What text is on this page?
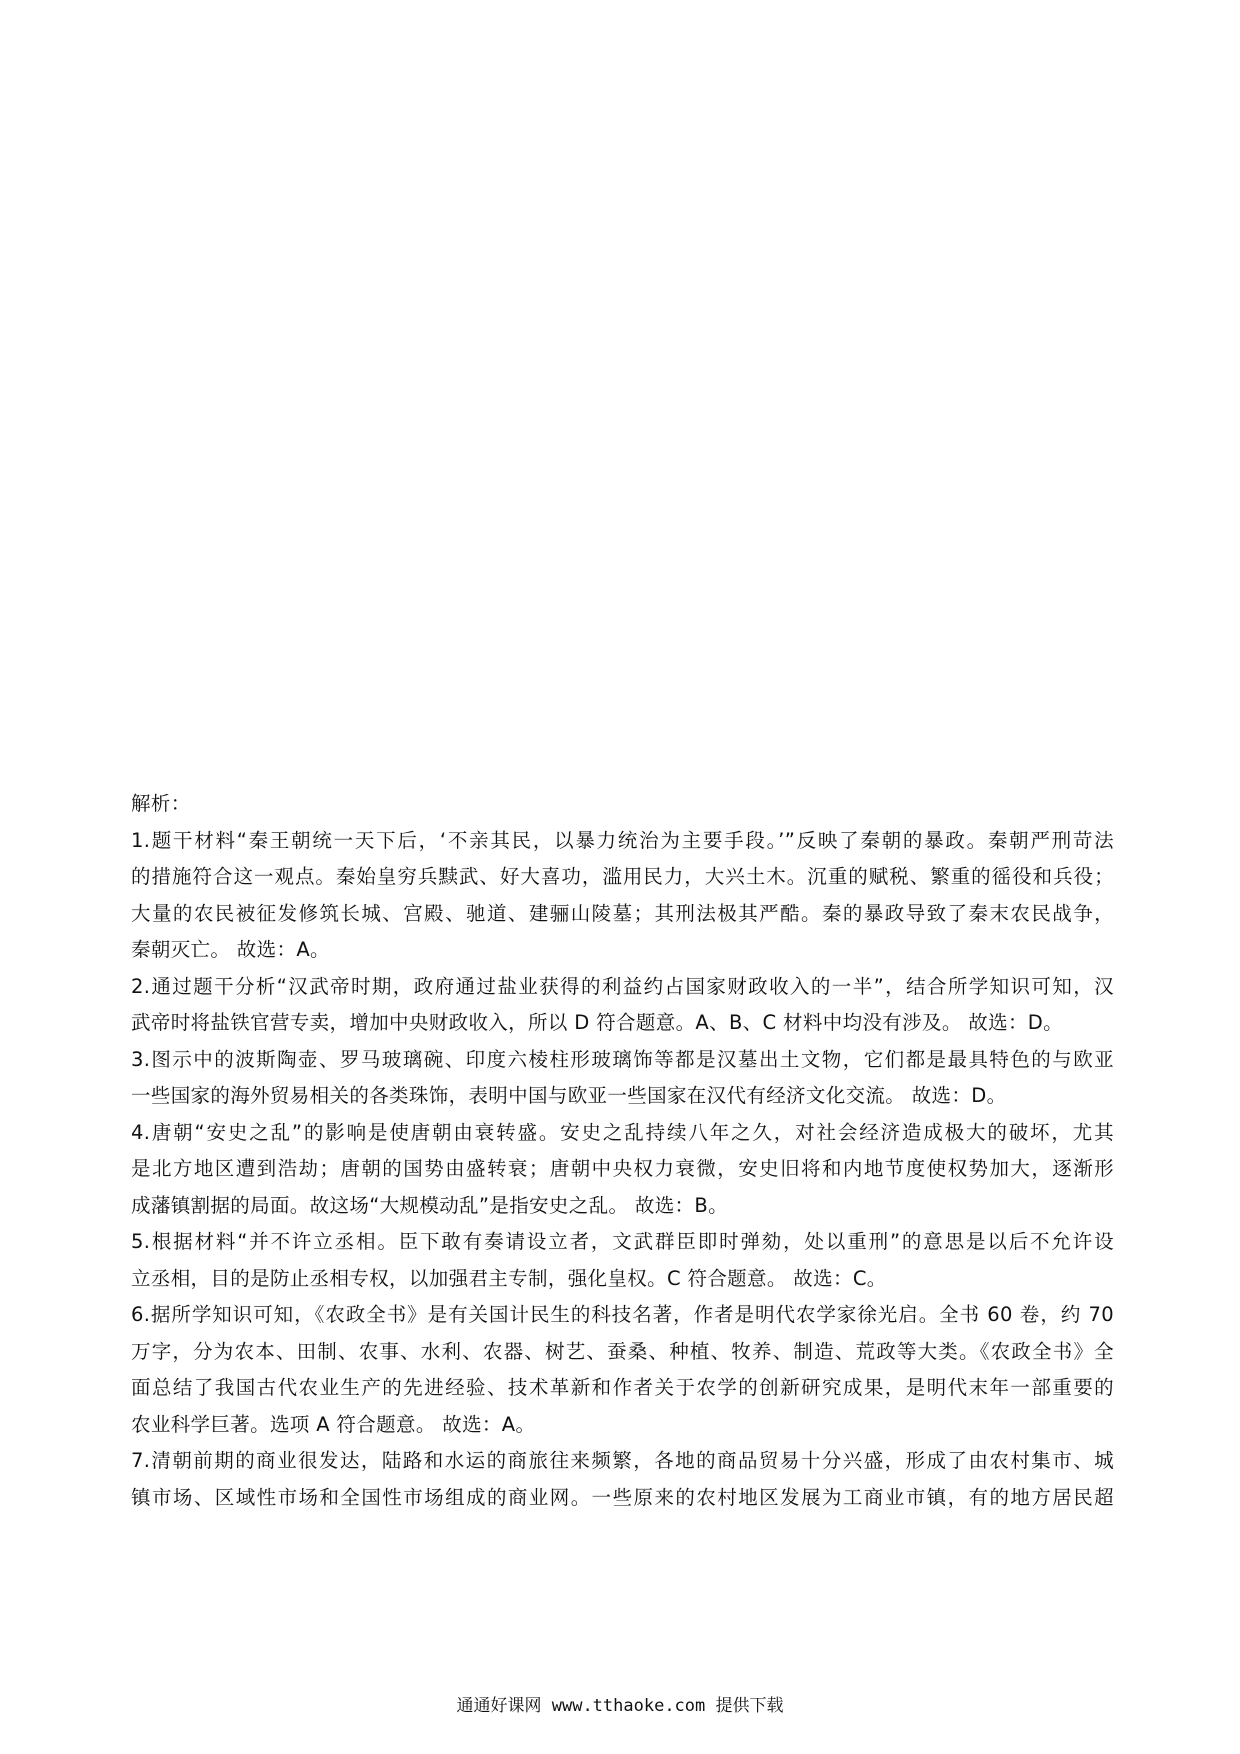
解析：
1.题干材料“秦王朝统一天下后，‘不亲其民，以暴力统治为主要手段。’”反映了秦朝的暴政。秦朝严刑苛法
的措施符合这一观点。秦始皇穷兵黩武、好大喜功，滥用民力，大兴土木。沉重的赋税、繁重的徭役和兵役；
大量的农民被征发修筑长城、宫殿、驰道、建骊山陵墓；其刑法极其严酷。秦的暴政导致了秦末农民战争，
秦朝灭亡。 故选：A。
2.通过题干分析“汉武帝时期，政府通过盐业获得的利益约占国家财政收入的一半”，结合所学知识可知，汉
武帝时将盐铁官营专卖，增加中央财政收入，所以 D 符合题意。A、B、C 材料中均没有涉及。 故选：D。
3.图示中的波斯陶壶、罗马玻璃碗、印度六棱柱形玻璃饰等都是汉墓出土文物，它们都是最具特色的与欧亚
一些国家的海外贸易相关的各类珠饰，表明中国与欧亚一些国家在汉代有经济文化交流。 故选：D。
4.唐朝“安史之乱”的影响是使唐朝由衰转盛。安史之乱持续八年之久，对社会经济造成极大的破坏，尤其
是北方地区遭到浩劫；唐朝的国势由盛转衰；唐朝中央权力衰微，安史旧将和内地节度使权势加大，逐渐形
成藩镇割据的局面。故这场“大规模动乱”是指安史之乱。 故选：B。
5.根据材料“并不许立丞相。臣下敢有奏请设立者，文武群臣即时弹劾，处以重刑”的意思是以后不允许设
立丞相，目的是防止丞相专权，以加强君主专制，强化皇权。C 符合题意。 故选：C。
6.据所学知识可知，《农政全书》是有关国计民生的科技名著，作者是明代农学家徐光启。全书 60 卷，约 70
万字，分为农本、田制、农事、水利、农器、树艺、蚕桑、种植、牧养、制造、荒政等大类。《农政全书》全
面总结了我国古代农业生产的先进经验、技术革新和作者关于农学的创新研究成果，是明代末年一部重要的
农业科学巨著。选项 A 符合题意。 故选：A。
7.清朝前期的商业很发达，陆路和水运的商旅往来频繁，各地的商品贸易十分兴盛，形成了由农村集市、城
镇市场、区域性市场和全国性市场组成的商业网。一些原来的农村地区发展为工商业市镇，有的地方居民超
通通好课网 www.tthaoke.com 提供下载
